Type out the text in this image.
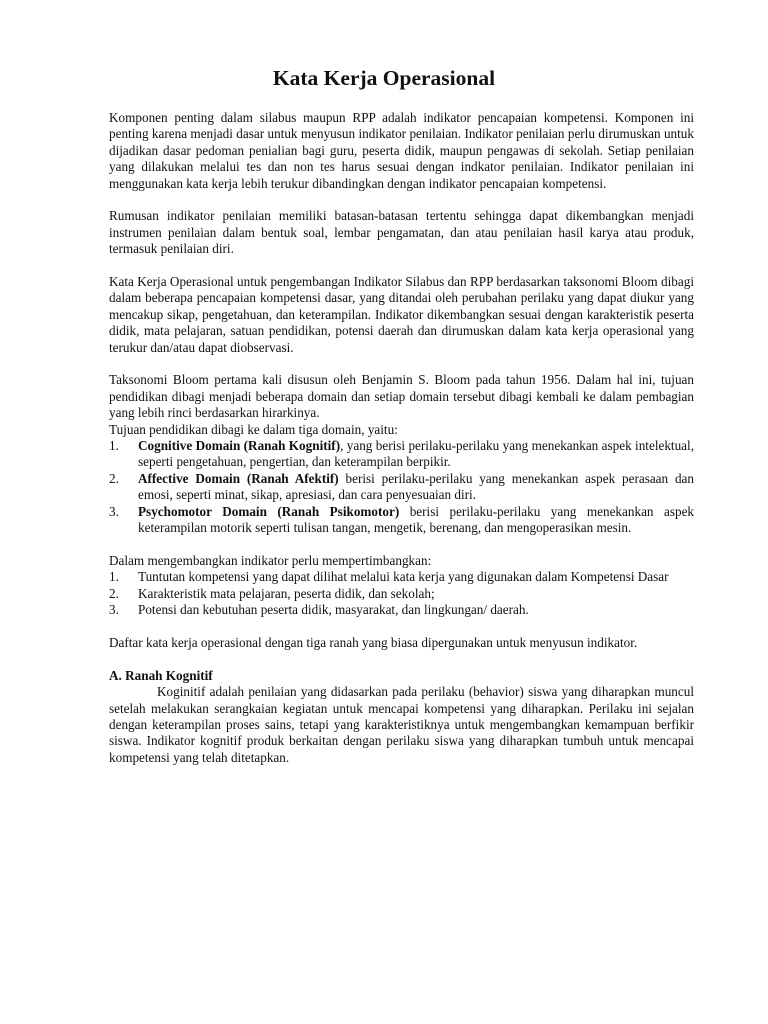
Kata Kerja Operasional

Komponen penting dalam silabus maupun RPP adalah indikator pencapaian kompetensi. Komponen ini penting karena menjadi dasar untuk menyusun indikator penilaian. Indikator penilaian perlu dirumuskan untuk dijadikan dasar pedoman penialian bagi guru, peserta didik, maupun pengawas di sekolah. Setiap penilaian yang dilakukan melalui tes dan non tes harus sesuai dengan indkator penilaian. Indikator penilaian ini menggunakan kata kerja lebih terukur dibandingkan dengan indikator pencapaian kompetensi.

Rumusan indikator penilaian memiliki batasan-batasan tertentu sehingga dapat dikembangkan menjadi instrumen penilaian dalam bentuk soal, lembar pengamatan, dan atau penilaian hasil karya atau produk, termasuk penilaian diri.

Kata Kerja Operasional untuk pengembangan Indikator Silabus dan RPP berdasarkan taksonomi Bloom dibagi dalam beberapa pencapaian kompetensi dasar, yang ditandai oleh perubahan perilaku yang dapat diukur yang mencakup sikap, pengetahuan, dan keterampilan. Indikator dikembangkan sesuai dengan karakteristik peserta didik, mata pelajaran, satuan pendidikan, potensi daerah dan dirumuskan dalam kata kerja operasional yang terukur dan/atau dapat diobservasi.

Taksonomi Bloom pertama kali disusun oleh Benjamin S. Bloom pada tahun 1956. Dalam hal ini, tujuan pendidikan dibagi menjadi beberapa domain dan setiap domain tersebut dibagi kembali ke dalam pembagian yang lebih rinci berdasarkan hirarkinya.

Tujuan pendidikan dibagi ke dalam tiga domain, yaitu:

1. Cognitive Domain (Ranah Kognitif), yang berisi perilaku-perilaku yang menekankan aspek intelektual, seperti pengetahuan, pengertian, dan keterampilan berpikir.
2. Affective Domain (Ranah Afektif) berisi perilaku-perilaku yang menekankan aspek perasaan dan emosi, seperti minat, sikap, apresiasi, dan cara penyesuaian diri.
3. Psychomotor Domain (Ranah Psikomotor) berisi perilaku-perilaku yang menekankan aspek keterampilan motorik seperti tulisan tangan, mengetik, berenang, dan mengoperasikan mesin.

Dalam mengembangkan indikator perlu mempertimbangkan:

1. Tuntutan kompetensi yang dapat dilihat melalui kata kerja yang digunakan dalam Kompetensi Dasar
2. Karakteristik mata pelajaran, peserta didik, dan sekolah;
3. Potensi dan kebutuhan peserta didik, masyarakat, dan lingkungan/ daerah.

Daftar kata kerja operasional dengan tiga ranah yang biasa dipergunakan untuk menyusun indikator.

A. Ranah Kognitif

Koginitif adalah penilaian yang didasarkan pada perilaku (behavior) siswa yang diharapkan muncul setelah melakukan serangkaian kegiatan untuk mencapai kompetensi yang diharapkan. Perilaku ini sejalan dengan keterampilan proses sains, tetapi yang karakteristiknya untuk mengembangkan kemampuan berfikir siswa. Indikator kognitif produk berkaitan dengan perilaku siswa yang diharapkan tumbuh untuk mencapai kompetensi yang telah ditetapkan.
